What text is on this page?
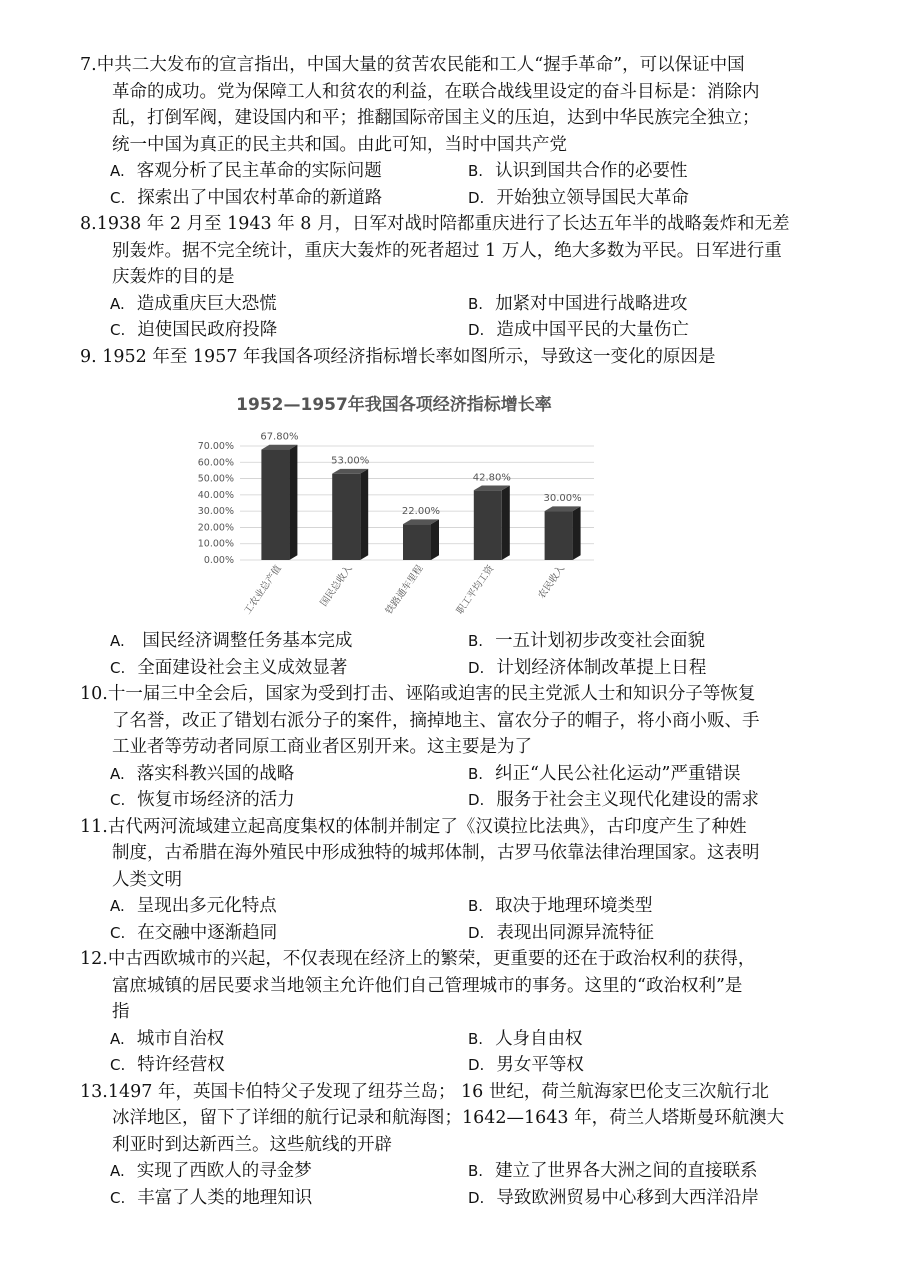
7.中共二大发布的宣言指出，中国大量的贫苦农民能和工人“握手革命”，可以保证中国
革命的成功。党为保障工人和贫农的利益，在联合战线里设定的奋斗目标是：消除内
乱，打倒军阀，建设国内和平；推翻国际帝国主义的压迫，达到中华民族完全独立；
统一中国为真正的民主共和国。由此可知，当时中国共产党
A. 客观分析了民主革命的实际问题	B. 认识到国共合作的必要性
C. 探索出了中国农村革命的新道路	D. 开始独立领导国民大革命
8.1938 年 2 月至 1943 年 8 月，日军对战时陪都重庆进行了长达五年半的战略轰炸和无差
别轰炸。据不完全统计，重庆大轰炸的死者超过 1 万人，绝大多数为平民。日军进行重
庆轰炸的目的是
A. 造成重庆巨大恐慌	B. 加紧对中国进行战略进攻
C. 迫使国民政府投降	D. 造成中国平民的大量伤亡
9. 1952 年至 1957 年我国各项经济指标增长率如图所示，导致这一变化的原因是
A. 国民经济调整任务基本完成	B. 一五计划初步改变社会面貌
C. 全面建设社会主义成效显著	D. 计划经济体制改革提上日程
10.十一届三中全会后，国家为受到打击、诬陷或迫害的民主党派人士和知识分子等恢复
了名誉，改正了错划右派分子的案件，摘掉地主、富农分子的帽子，将小商小贩、手
工业者等劳动者同原工商业者区别开来。这主要是为了
A. 落实科教兴国的战略	B. 纠正“人民公社化运动”严重错误
C. 恢复市场经济的活力	D. 服务于社会主义现代化建设的需求
11.古代两河流域建立起高度集权的体制并制定了《汉谟拉比法典》，古印度产生了种姓
制度，古希腊在海外殖民中形成独特的城邦体制，古罗马依靠法律治理国家。这表明
人类文明
A. 呈现出多元化特点	B. 取决于地理环境类型
C. 在交融中逐渐趋同	D. 表现出同源异流特征
12.中古西欧城市的兴起，不仅表现在经济上的繁荣，更重要的还在于政治权利的获得，
富庶城镇的居民要求当地领主允许他们自己管理城市的事务。这里的“政治权利”是
指
A. 城市自治权	B. 人身自由权
C. 特许经营权	D. 男女平等权
13.1497 年，英国卡伯特父子发现了纽芬兰岛； 16 世纪，荷兰航海家巴伦支三次航行北
冰洋地区，留下了详细的航行记录和航海图；1642—1643 年，荷兰人塔斯曼环航澳大
利亚时到达新西兰。这些航线的开辟
A. 实现了西欧人的寻金梦	B. 建立了世界各大洲之间的直接联系
C. 丰富了人类的地理知识	D. 导致欧洲贸易中心移到大西洋沿岸
1952—1957年我国各项经济指标增长率
0.00%
10.00%
20.00%
30.00%
40.00%
50.00%
60.00%
70.00%
67.80%
53.00%
22.00%
42.80%
30.00%
工农业总产值	国民总收入	铁路通车里程	职工平均工资	农民收入
